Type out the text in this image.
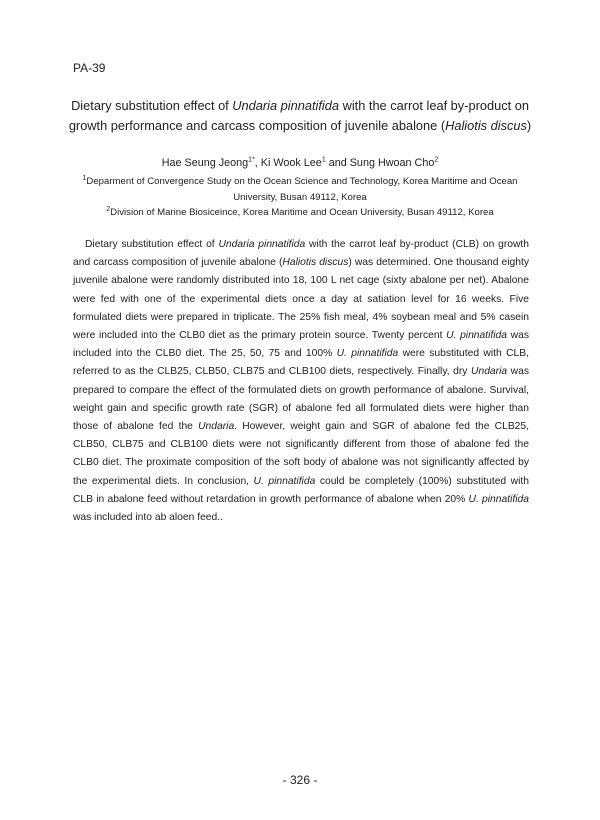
PA-39
Dietary substitution effect of Undaria pinnatifida with the carrot leaf by-product on growth performance and carcass composition of juvenile abalone (Haliotis discus)
Hae Seung Jeong$^{1*}$, Ki Wook Lee$^1$ and Sung Hwoan Cho$^2$
$^1$Deparment of Convergence Study on the Ocean Science and Technology, Korea Maritime and Ocean University, Busan 49112, Korea
$^2$Division of Marine Biosiceince, Korea Maritime and Ocean University, Busan 49112, Korea

Dietary substitution effect of Undaria pinnatifida with the carrot leaf by-product (CLB) on growth and carcass composition of juvenile abalone (Haliotis discus) was determined. One thousand eighty juvenile abalone were randomly distributed into 18, 100 L net cage (sixty abalone per net). Abalone were fed with one of the experimental diets once a day at satiation level for 16 weeks. Five formulated diets were prepared in triplicate. The 25% fish meal, 4% soybean meal and 5% casein were included into the CLB0 diet as the primary protein source. Twenty percent U. pinnatifida was included into the CLB0 diet. The 25, 50, 75 and 100% U. pinnatifida were substituted with CLB, referred to as the CLB25, CLB50, CLB75 and CLB100 diets, respectively. Finally, dry Undaria was prepared to compare the effect of the formulated diets on growth performance of abalone. Survival, weight gain and specific growth rate (SGR) of abalone fed all formulated diets were higher than those of abalone fed the Undaria. However, weight gain and SGR of abalone fed the CLB25, CLB50, CLB75 and CLB100 diets were not significantly different from those of abalone fed the CLB0 diet. The proximate composition of the soft body of abalone was not significantly affected by the experimental diets. In conclusion, U. pinnatifida could be completely (100%) substituted with CLB in abalone feed without retardation in growth performance of abalone when 20% U. pinnatifida was included into ab aloen feed..

- 326 -
